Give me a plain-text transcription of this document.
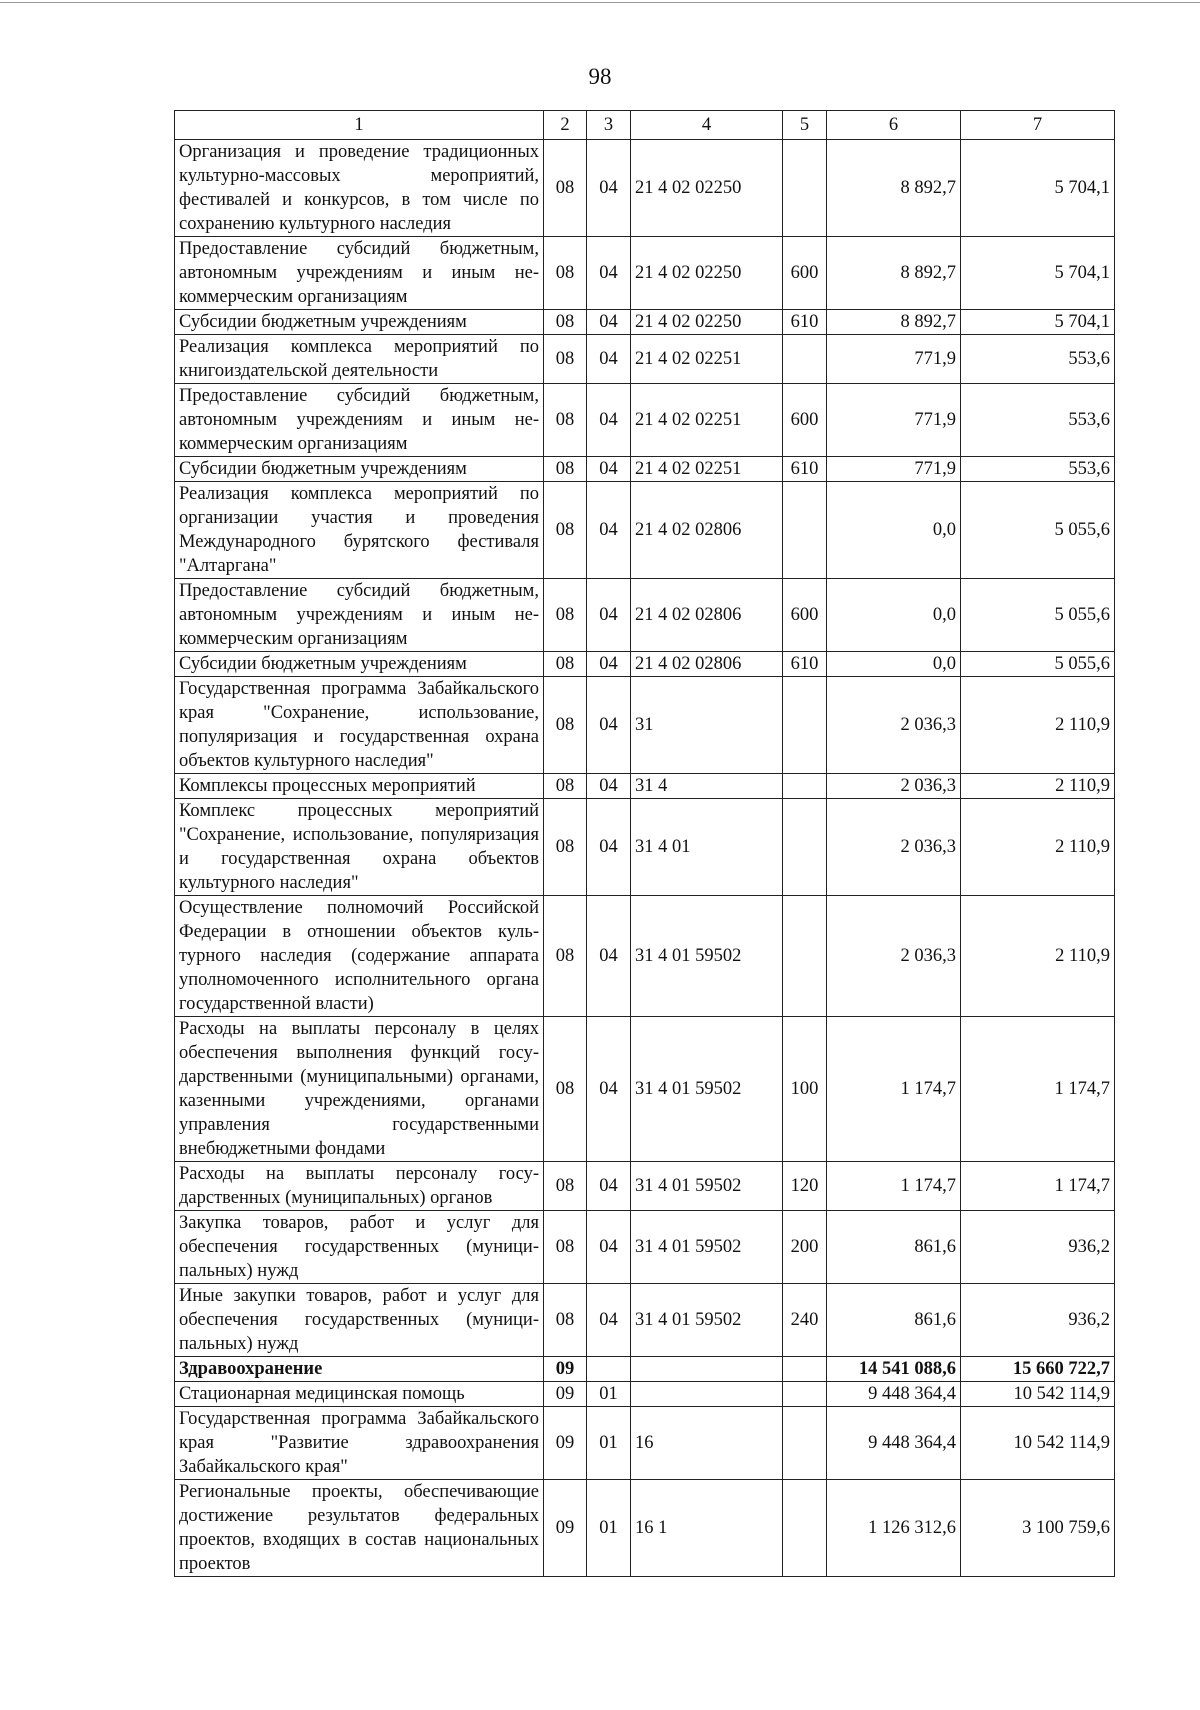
98
1	2	3	4	5	6	7
Организация и проведение традиционных культурно-массовых мероприятий, фестивалей и конкурсов, в том числе по сохранению культурного наследия	08	04	21 4 02 02250		8 892,7	5 704,1
Предоставление субсидий бюджетным, автономным учреждениям и иным некоммерческим организациям	08	04	21 4 02 02250	600	8 892,7	5 704,1
Субсидии бюджетным учреждениям	08	04	21 4 02 02250	610	8 892,7	5 704,1
Реализация комплекса мероприятий по книгоиздательской деятельности	08	04	21 4 02 02251		771,9	553,6
Предоставление субсидий бюджетным, автономным учреждениям и иным некоммерческим организациям	08	04	21 4 02 02251	600	771,9	553,6
Субсидии бюджетным учреждениям	08	04	21 4 02 02251	610	771,9	553,6
Реализация комплекса мероприятий по организации участия и проведения Международного бурятского фестиваля "Алтаргана"	08	04	21 4 02 02806		0,0	5 055,6
Предоставление субсидий бюджетным, автономным учреждениям и иным некоммерческим организациям	08	04	21 4 02 02806	600	0,0	5 055,6
Субсидии бюджетным учреждениям	08	04	21 4 02 02806	610	0,0	5 055,6
Государственная программа Забайкальского края "Сохранение, использование, популяризация и государственная охрана объектов культурного наследия"	08	04	31		2 036,3	2 110,9
Комплексы процессных мероприятий	08	04	31 4		2 036,3	2 110,9
Комплекс процессных мероприятий "Сохранение, использование, популяризация и государственная охрана объектов культурного наследия"	08	04	31 4 01		2 036,3	2 110,9
Осуществление полномочий Российской Федерации в отношении объектов культурного наследия (содержание аппарата уполномоченного исполнительного органа государственной власти)	08	04	31 4 01 59502		2 036,3	2 110,9
Расходы на выплаты персоналу в целях обеспечения выполнения функций государственными (муниципальными) органами, казенными учреждениями, органами управления государственными внебюджетными фондами	08	04	31 4 01 59502	100	1 174,7	1 174,7
Расходы на выплаты персоналу государственных (муниципальных) органов	08	04	31 4 01 59502	120	1 174,7	1 174,7
Закупка товаров, работ и услуг для обеспечения государственных (муниципальных) нужд	08	04	31 4 01 59502	200	861,6	936,2
Иные закупки товаров, работ и услуг для обеспечения государственных (муниципальных) нужд	08	04	31 4 01 59502	240	861,6	936,2
Здравоохранение	09				14 541 088,6	15 660 722,7
Стационарная медицинская помощь	09	01			9 448 364,4	10 542 114,9
Государственная программа Забайкальского края "Развитие здравоохранения Забайкальского края"	09	01	16		9 448 364,4	10 542 114,9
Региональные проекты, обеспечивающие достижение результатов федеральных проектов, входящих в состав национальных проектов	09	01	16 1		1 126 312,6	3 100 759,6
